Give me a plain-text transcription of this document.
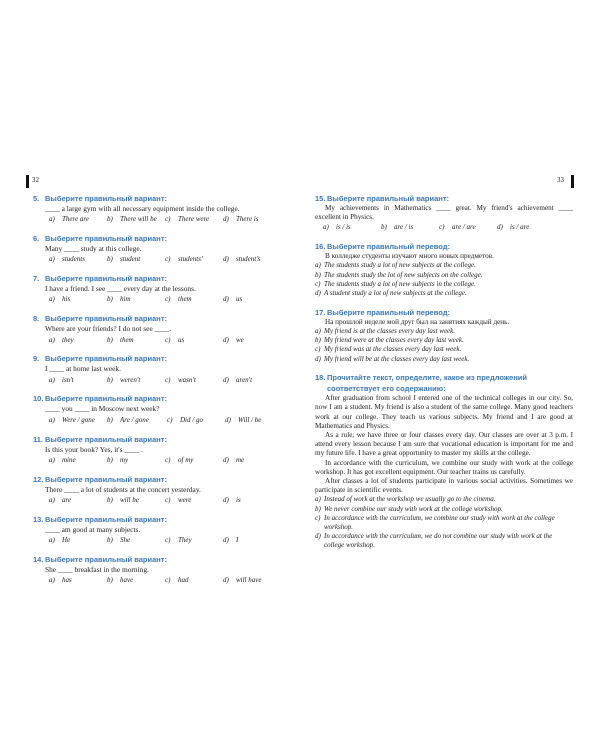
32	33
5. Выберите правильный вариант:
____ a large gym with all necessary equipment inside the college.
a) There are	b) There will be	c) There were	d) There is
6. Выберите правильный вариант:
Many ____ study at this college.
a) students	b) student	c) students’	d) student’s
7. Выберите правильный вариант:
I have a friend. I see ____ every day at the lessons.
a) his	b) him	c) them	d) us
8. Выберите правильный вариант:
Where are your friends? I do not see ____.
a) they	b) them	c) us	d) we
9. Выберите правильный вариант:
I ____ at home last week.
a) isn't	b) weren't	c) wasn't	d) aren't
10. Выберите правильный вариант:
____ you ____ in Moscow next week?
a) Were / gone	b) Are / gone	c) Did / go	d) Will / be
11. Выберите правильный вариант:
Is this your book? Yes, it's ____ .
a) mine	b) my	c) of my	d) me
12. Выберите правильный вариант:
There ____ a lot of students at the concert yesterday.
a) are	b) will be	c) were	d) is
13. Выберите правильный вариант:
____ am good at many subjects.
a) He	b) She	c) They	d) I
14. Выберите правильный вариант:
She ____ breakfast in the morning.
a) has	b) have	c) had	d) will have
15. Выберите правильный вариант:
My achievements in Mathematics ____ great. My friend's achievement ____ excellent in Physics.
a) is / is	b) are / is	c) are / are	d) is / are
16. Выберите правильный перевод:
В колледже студенты изучают много новых предметов.
a) The students study a lot of new subjects at the college.
b) The students study the lot of new subjects on the college.
c) The students study a lot of new subjects in the college.
d) A student study a lot of new subjects at the college.
17. Выберите правильный перевод:
На прошлой неделе мой друг был на занятиях каждый день.
a) My friend is at the classes every day last week.
b) My friend were at the classes every day last week.
c) My friend was at the classes every day last week.
d) My friend will be at the classes every day last week.
18. Прочитайте текст, определите, какое из предложений соответствует его содержанию:
After graduation from school I entered one of the technical colleges in our city. So, now I am a student. My friend is also a student of the same college. Many good teachers work at our college. They teach us various subjects. My friend and I are good at Mathematics and Physics.
As a rule, we have three or four classes every day. Our classes are over at 3 p.m. I attend every lesson because I am sure that vocational education is important for me and my future life. I have a great opportunity to master my skills at the college.
In accordance with the curriculum, we combine our study with work at the college workshop. It has got excellent equipment. Our teacher trains us carefully.
After classes a lot of students participate in various social activities. Sometimes we participate in scientific events.
a) Instead of work at the workshop we usually go to the cinema.
b) We never combine our study with work at the college workshop.
c) In accordance with the curriculum, we combine our study with work at the college workshop.
d) In accordance with the curriculum, we do not combine our study with work at the college workshop.
